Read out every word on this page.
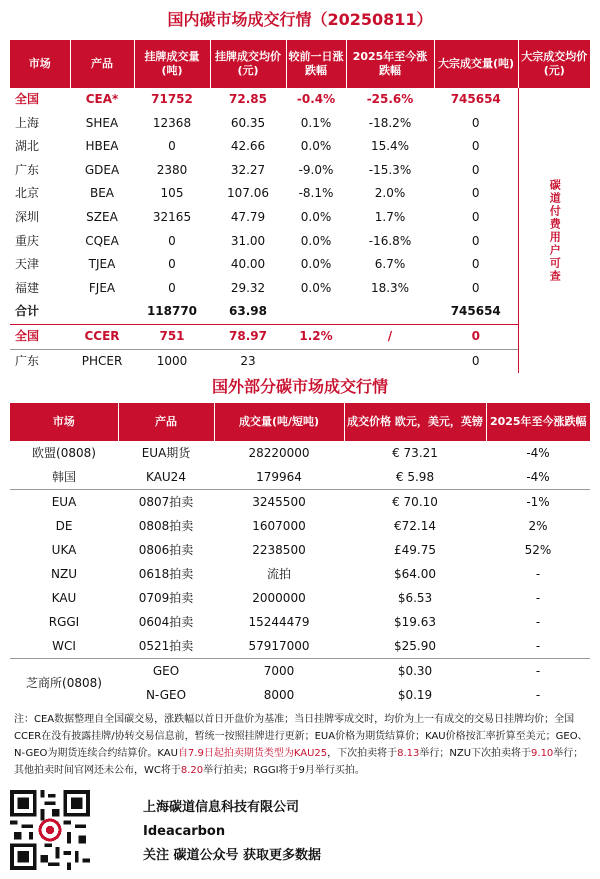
国内碳市场成交行情（20250811）
市场	产品	挂牌成交量(吨)	挂牌成交均价(元)	较前一日涨跌幅	2025年至今涨跌幅	大宗成交量(吨)	大宗成交均价(元)
全国	CEA*	71752	72.85	-0.4%	-25.6%	745654	碳道付费用户可查
上海	SHEA	12368	60.35	0.1%	-18.2%	0	
湖北	HBEA	0	42.66	0.0%	15.4%	0	
广东	GDEA	2380	32.27	-9.0%	-15.3%	0	
北京	BEA	105	107.06	-8.1%	2.0%	0	
深圳	SZEA	32165	47.79	0.0%	1.7%	0	
重庆	CQEA	0	31.00	0.0%	-16.8%	0	
天津	TJEA	0	40.00	0.0%	6.7%	0	
福建	FJEA	0	29.32	0.0%	18.3%	0	
合计		118770	63.98			745654	
全国	CCER	751	78.97	1.2%	/	0	
广东	PHCER	1000	23			0	
国外部分碳市场成交行情
市场	产品	成交量(吨/短吨)	成交价格 欧元，美元，英镑	2025年至今涨跌幅
欧盟(0808)	EUA期货	28220000	€ 73.21	-4%
韩国	KAU24	179964	€ 5.98	-4%
EUA	0807拍卖	3245500	€ 70.10	-1%
DE	0808拍卖	1607000	€72.14	2%
UKA	0806拍卖	2238500	£49.75	52%
NZU	0618拍卖	流拍	$64.00	-
KAU	0709拍卖	2000000	$6.53	-
RGGI	0604拍卖	15244479	$19.63	-
WCI	0521拍卖	57917000	$25.90	-
芝商所(0808)	GEO	7000	$0.30	-
	N-GEO	8000	$0.19	-
注：CEA数据整理自全国碳交易，涨跌幅以首日开盘价为基准；当日挂牌零成交时，均价为上一有成交的交易日挂牌均价；全国CCER在没有披露挂牌/协转交易信息前，暂统一按照挂牌进行更新；EUA价格为期货结算价；KAU价格按汇率折算至美元；GEO、N-GEO为期货连续合约结算价。KAU自7.9日起拍卖期货类型为KAU25，下次拍卖将于8.13举行；NZU下次拍卖将于9.10举行；其他拍卖时间官网还未公布，WC将于8.20举行拍卖；RGGI将于9月举行买拍。
上海碳道信息科技有限公司
Ideacarbon
关注 碳道公众号 获取更多数据
